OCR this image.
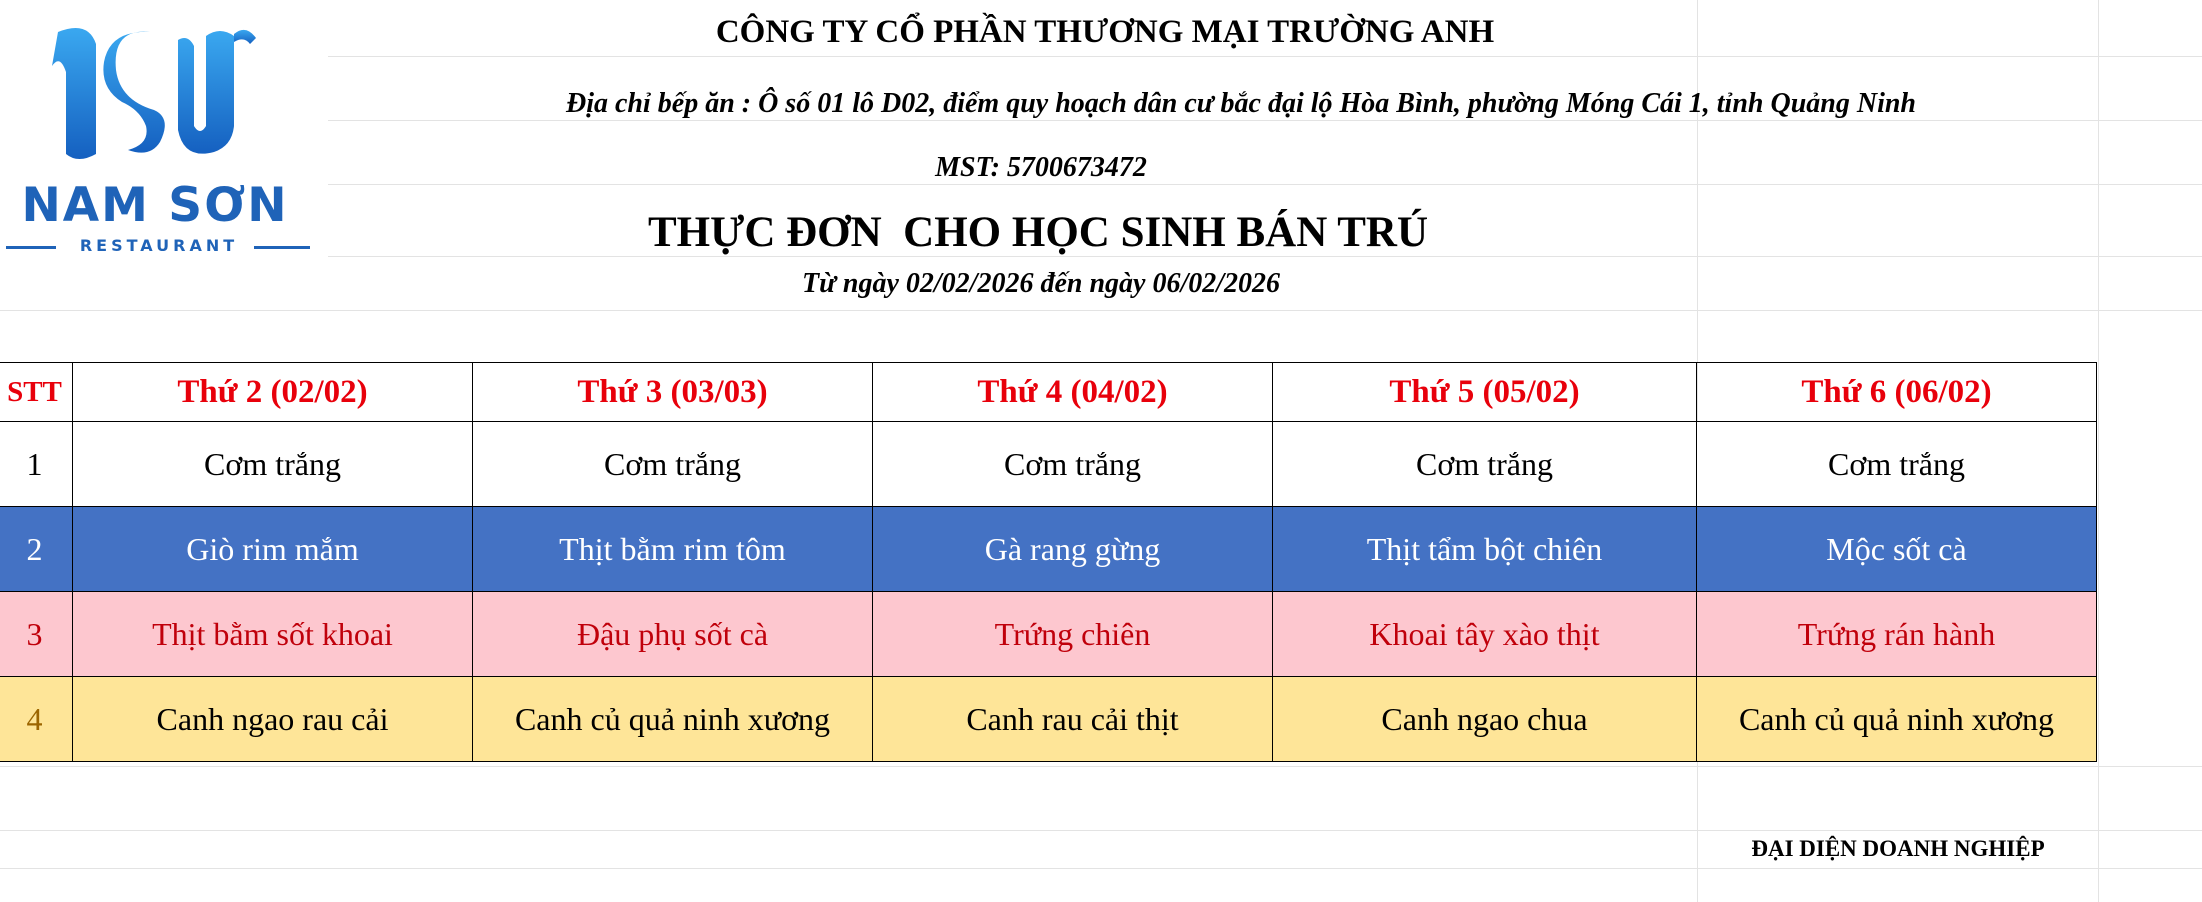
NAM SƠN
RESTAURANT
CÔNG TY CỔ PHẦN THƯƠNG MẠI TRƯỜNG ANH
Địa chỉ bếp ăn : Ô số 01 lô D02, điểm quy hoạch dân cư bắc đại lộ Hòa Bình, phường Móng Cái 1, tỉnh Quảng Ninh
MST: 5700673472
THỰC ĐƠN  CHO HỌC SINH BÁN TRÚ
Từ ngày 02/02/2026 đến ngày 06/02/2026
STT	Thứ 2 (02/02)	Thứ 3 (03/03)	Thứ 4 (04/02)	Thứ 5 (05/02)	Thứ 6 (06/02)
1	Cơm trắng	Cơm trắng	Cơm trắng	Cơm trắng	Cơm trắng
2	Giò rim mắm	Thịt bằm rim tôm	Gà rang gừng	Thịt tẩm bột chiên	Mộc sốt cà
3	Thịt bằm sốt khoai	Đậu phụ sốt cà	Trứng chiên	Khoai tây xào thịt	Trứng rán hành
4	Canh ngao rau cải	Canh củ quả ninh xương	Canh rau cải thịt	Canh ngao chua	Canh củ quả ninh xương
ĐẠI DIỆN DOANH NGHIỆP
